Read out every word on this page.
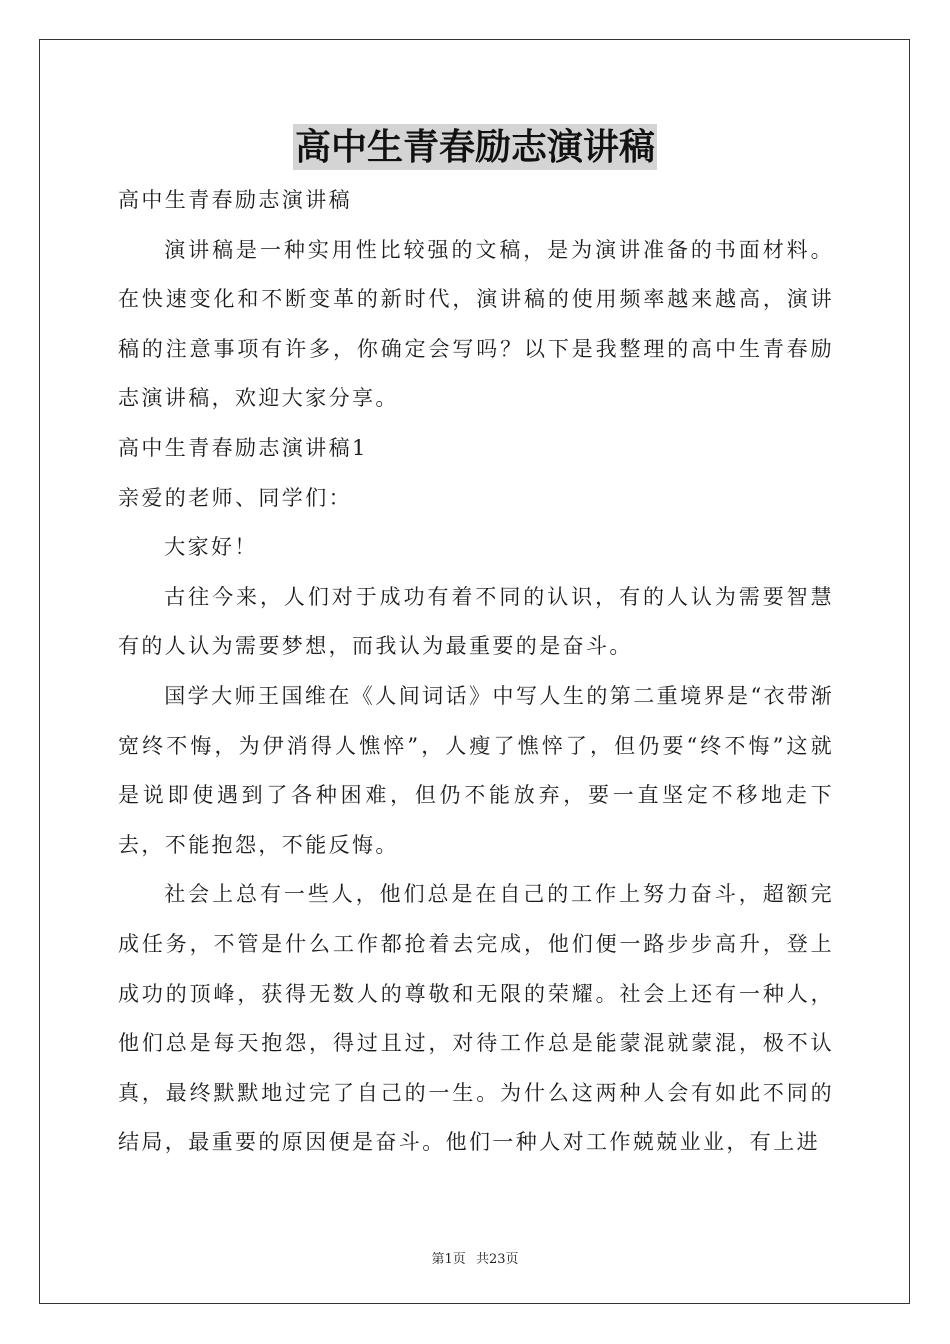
高中生青春励志演讲稿

高中生青春励志演讲稿

演讲稿是一种实用性比较强的文稿，是为演讲准备的书面材料。在快速变化和不断变革的新时代，演讲稿的使用频率越来越高，演讲稿的注意事项有许多，你确定会写吗？以下是我整理的高中生青春励志演讲稿，欢迎大家分享。

高中生青春励志演讲稿1

亲爱的老师、同学们：

大家好！

古往今来，人们对于成功有着不同的认识，有的人认为需要智慧有的人认为需要梦想，而我认为最重要的是奋斗。

国学大师王国维在《人间词话》中写人生的第二重境界是“衣带渐宽终不悔，为伊消得人憔悴”，人瘦了憔悴了，但仍要“终不悔”这就是说即使遇到了各种困难，但仍不能放弃，要一直坚定不移地走下去，不能抱怨，不能反悔。

社会上总有一些人，他们总是在自己的工作上努力奋斗，超额完成任务，不管是什么工作都抢着去完成，他们便一路步步高升，登上成功的顶峰，获得无数人的尊敬和无限的荣耀。社会上还有一种人，他们总是每天抱怨，得过且过，对待工作总是能蒙混就蒙混，极不认真，最终默默地过完了自己的一生。为什么这两种人会有如此不同的结局，最重要的原因便是奋斗。他们一种人对工作兢兢业业，有上进

第1页 共23页
